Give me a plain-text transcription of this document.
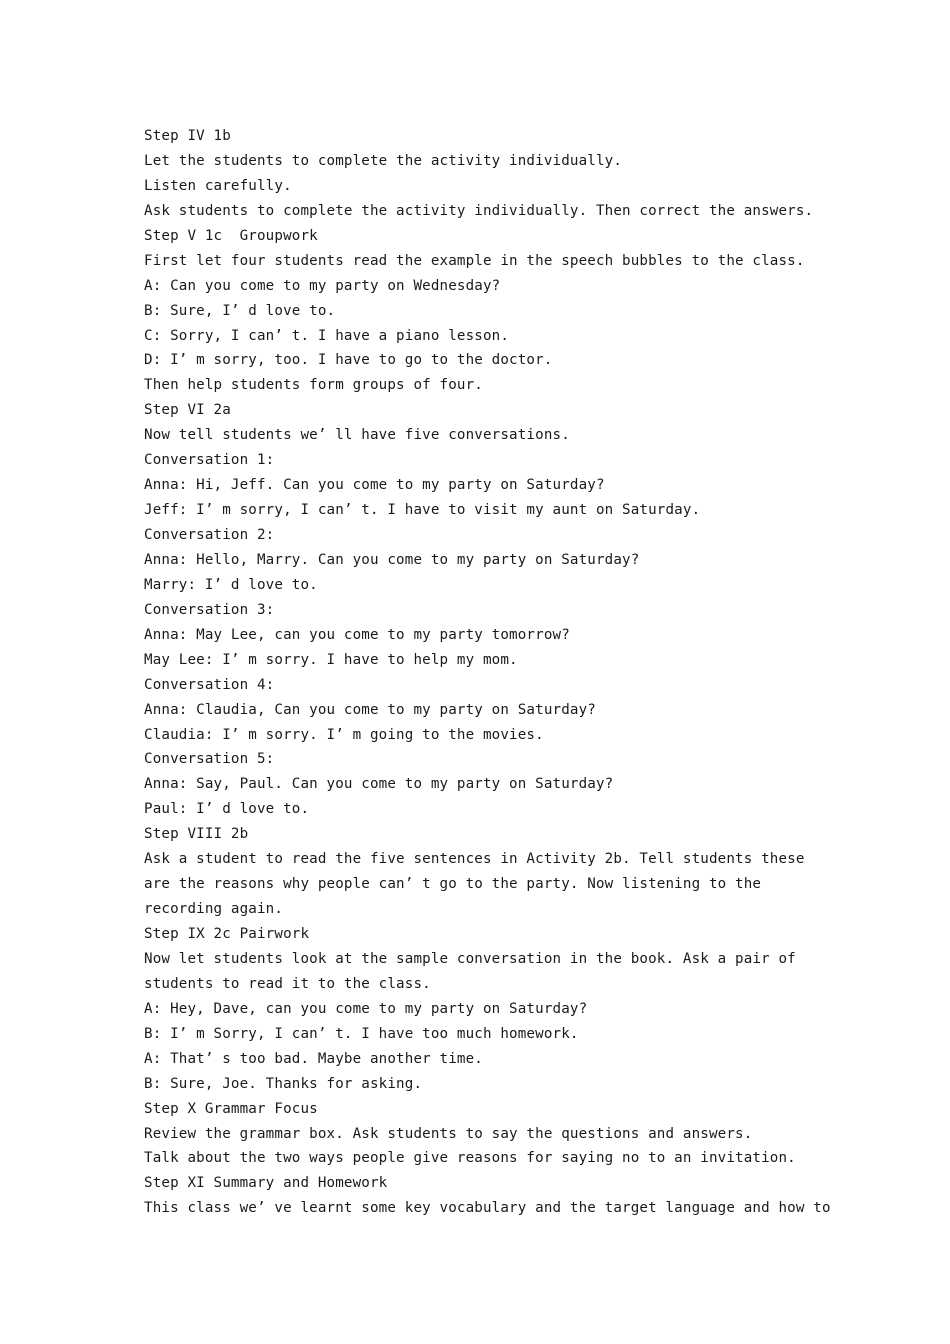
Step IV 1b
Let the students to complete the activity individually.
Listen carefully.
Ask students to complete the activity individually. Then correct the answers.
Step V 1c  Groupwork
First let four students read the example in the speech bubbles to the class.
A: Can you come to my party on Wednesday?
B: Sure, I’ d love to.
C: Sorry, I can’ t. I have a piano lesson.
D: I’ m sorry, too. I have to go to the doctor.
Then help students form groups of four.
Step VI 2a
Now tell students we’ ll have five conversations.
Conversation 1:
Anna: Hi, Jeff. Can you come to my party on Saturday?
Jeff: I’ m sorry, I can’ t. I have to visit my aunt on Saturday.
Conversation 2:
Anna: Hello, Marry. Can you come to my party on Saturday?
Marry: I’ d love to.
Conversation 3:
Anna: May Lee, can you come to my party tomorrow?
May Lee: I’ m sorry. I have to help my mom.
Conversation 4:
Anna: Claudia, Can you come to my party on Saturday?
Claudia: I’ m sorry. I’ m going to the movies.
Conversation 5:
Anna: Say, Paul. Can you come to my party on Saturday?
Paul: I’ d love to.
Step VIII 2b
Ask a student to read the five sentences in Activity 2b. Tell students these
are the reasons why people can’ t go to the party. Now listening to the
recording again.
Step IX 2c Pairwork
Now let students look at the sample conversation in the book. Ask a pair of
students to read it to the class.
A: Hey, Dave, can you come to my party on Saturday?
B: I’ m Sorry, I can’ t. I have too much homework.
A: That’ s too bad. Maybe another time.
B: Sure, Joe. Thanks for asking.
Step X Grammar Focus
Review the grammar box. Ask students to say the questions and answers.
Talk about the two ways people give reasons for saying no to an invitation.
Step XI Summary and Homework
This class we’ ve learnt some key vocabulary and the target language and how to
